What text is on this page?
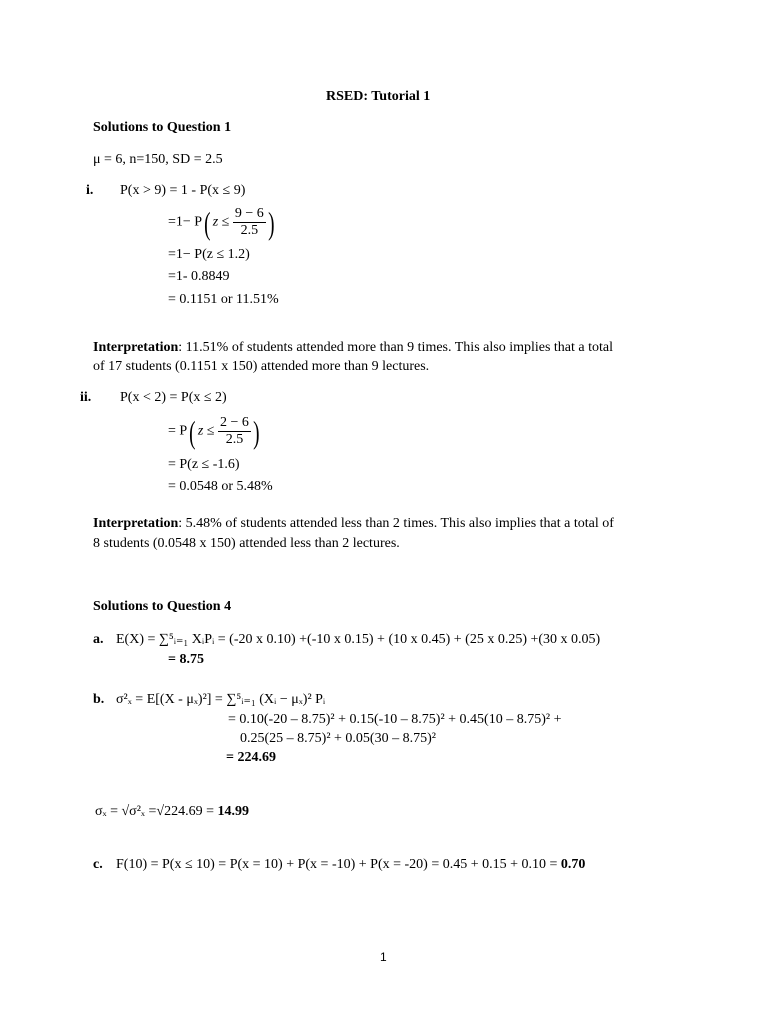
RSED: Tutorial 1
Solutions to Question 1
μ = 6, n=150, SD = 2.5
i. P(x > 9) = 1 - P(x ≤ 9)
=1− P( $z \le \frac{9 - 6}{2.5}$ )
=1− P(z ≤ 1.2)
=1- 0.8849
= 0.1151 or 11.51%
Interpretation: 11.51% of students attended more than 9 times. This also implies that a total
of 17 students (0.1151 x 150) attended more than 9 lectures.
ii. P(x < 2) = P(x ≤ 2)
= P( $z \le \frac{2 - 6}{2.5}$ )
= P(z ≤ -1.6)
= 0.0548 or 5.48%
Interpretation: 5.48% of students attended less than 2 times. This also implies that a total of
8 students (0.0548 x 150) attended less than 2 lectures.
Solutions to Question 4
a. E(X) = ∑⁵ᵢ₌₁ XᵢPᵢ = (-20 x 0.10) +(-10 x 0.15) + (10 x 0.45) + (25 x 0.25) +(30 x 0.05)
= 8.75
b. σ²ₓ = E[(X - μₓ)²] = ∑⁵ᵢ₌₁ (Xᵢ − μₓ)² Pᵢ
= 0.10(-20 – 8.75)² + 0.15(-10 – 8.75)² + 0.45(10 – 8.75)² +
0.25(25 – 8.75)² + 0.05(30 – 8.75)²
= 224.69
σₓ = √σ²ₓ =√224.69 = 14.99
c. F(10) = P(x ≤ 10) = P(x = 10) + P(x = -10) + P(x = -20) = 0.45 + 0.15 + 0.10 = 0.70
1
